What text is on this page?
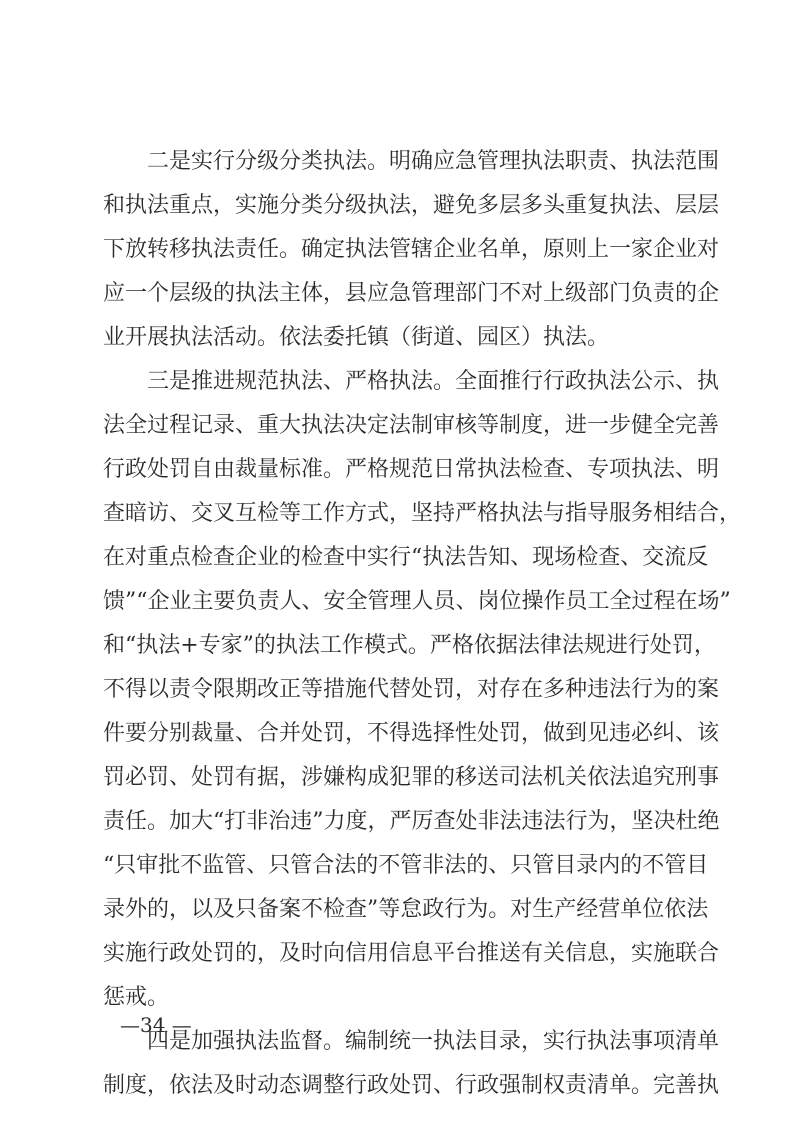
二是实行分级分类执法。明确应急管理执法职责、执法范围
和执法重点，实施分类分级执法，避免多层多头重复执法、层层
下放转移执法责任。确定执法管辖企业名单，原则上一家企业对
应一个层级的执法主体，县应急管理部门不对上级部门负责的企
业开展执法活动。依法委托镇（街道、园区）执法。
三是推进规范执法、严格执法。全面推行行政执法公示、执
法全过程记录、重大执法决定法制审核等制度，进一步健全完善
行政处罚自由裁量标准。严格规范日常执法检查、专项执法、明
查暗访、交叉互检等工作方式，坚持严格执法与指导服务相结合，
在对重点检查企业的检查中实行“执法告知、现场检查、交流反
馈”“企业主要负责人、安全管理人员、岗位操作员工全过程在场”
和“执法+专家”的执法工作模式。严格依据法律法规进行处罚，
不得以责令限期改正等措施代替处罚，对存在多种违法行为的案
件要分别裁量、合并处罚，不得选择性处罚，做到见违必纠、该
罚必罚、处罚有据，涉嫌构成犯罪的移送司法机关依法追究刑事
责任。加大“打非治违”力度，严厉查处非法违法行为，坚决杜绝
“只审批不监管、只管合法的不管非法的、只管目录内的不管目
录外的，以及只备案不检查”等怠政行为。对生产经营单位依法
实施行政处罚的，及时向信用信息平台推送有关信息，实施联合
惩戒。
四是加强执法监督。编制统一执法目录，实行执法事项清单
制度，依法及时动态调整行政处罚、行政强制权责清单。完善执
—34 —
